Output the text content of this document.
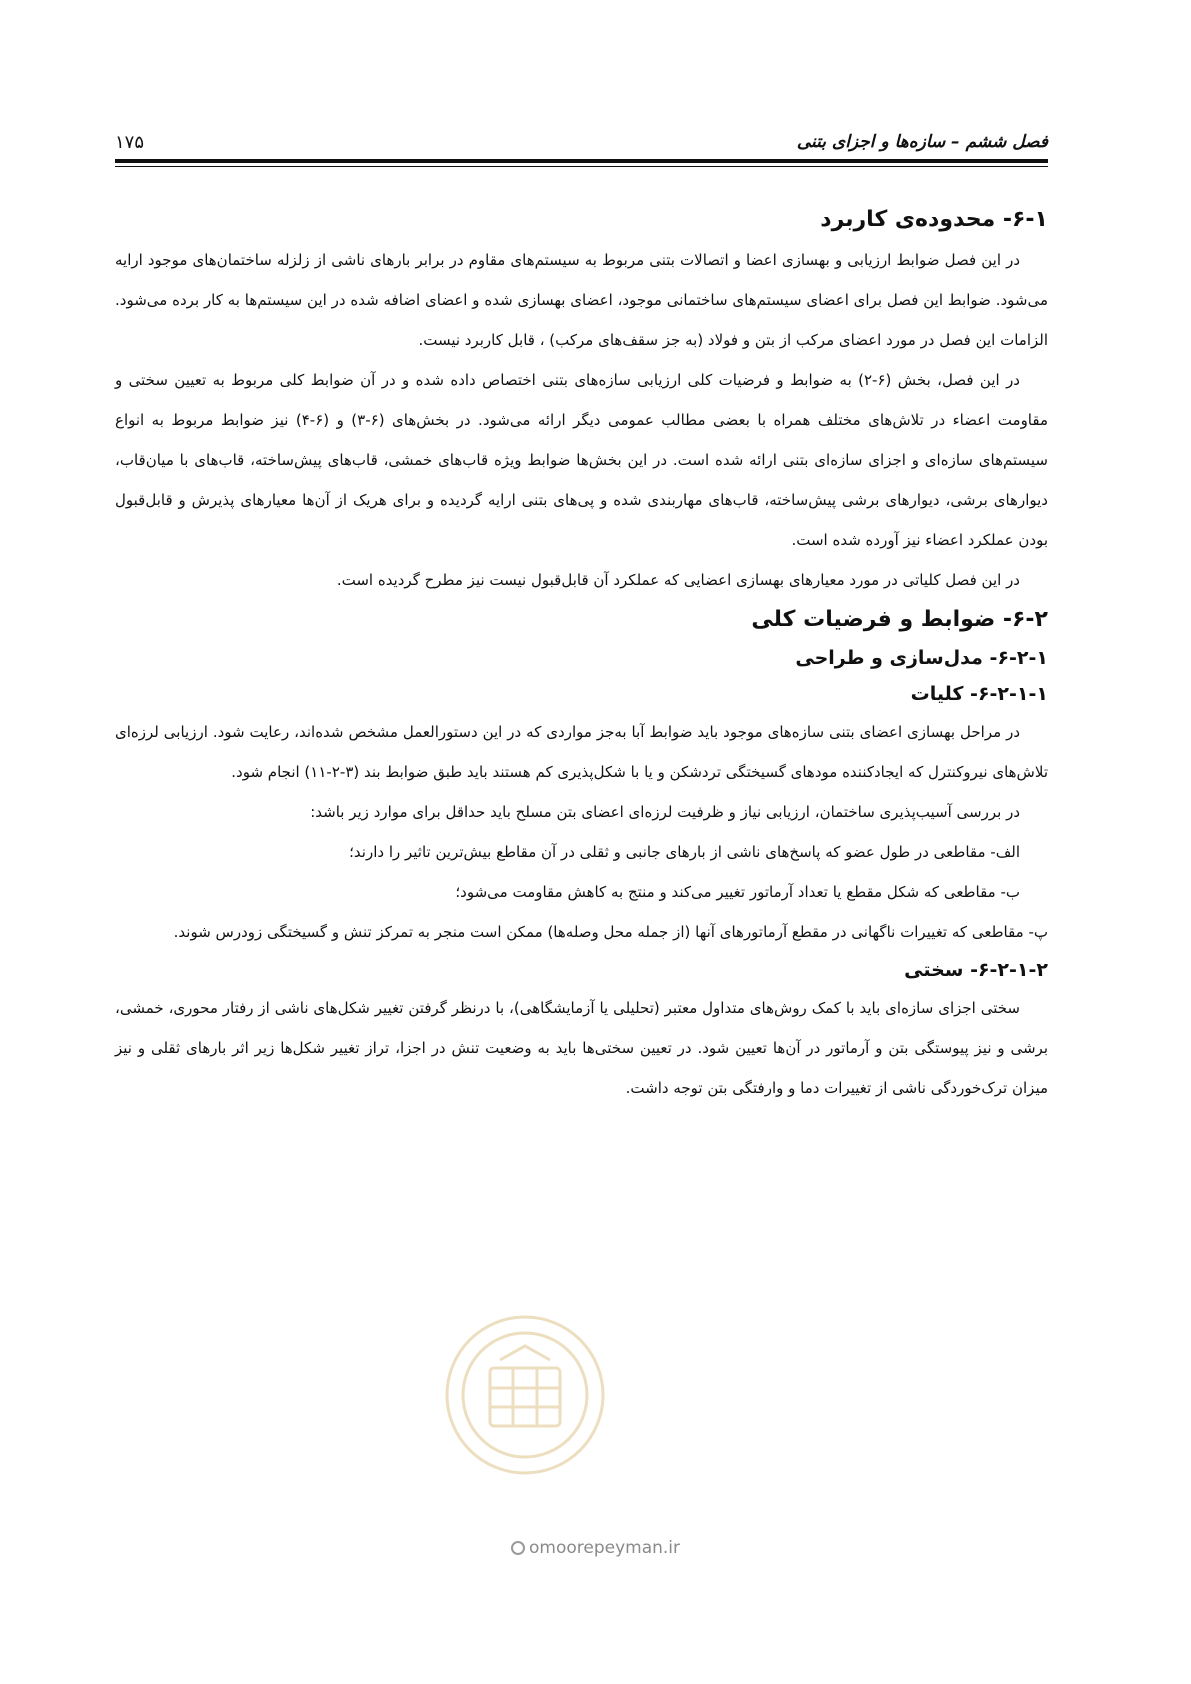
فصل ششم – سازه‌ها و اجزای بتنی
۱۷۵
۶-۱- محدوده‌ی کاربرد

در این فصل ضوابط ارزیابی و بهسازی اعضا و اتصالات بتنی مربوط به سیستم‌های مقاوم در برابر بارهای ناشی از زلزله ساختمان‌های موجود ارایه می‌شود. ضوابط این فصل برای اعضای سیستم‌های ساختمانی موجود، اعضای بهسازی شده و اعضای اضافه شده در این سیستم‌ها به کار برده می‌شود. الزامات این فصل در مورد اعضای مرکب از بتن و فولاد (به جز سقف‌های مرکب) ، قابل کاربرد نیست.

در این فصل، بخش (۶-۲) به ضوابط و فرضیات کلی ارزیابی سازه‌های بتنی اختصاص داده شده و در آن ضوابط کلی مربوط به تعیین سختی و مقاومت اعضاء در تلاش‌های مختلف همراه با بعضی مطالب عمومی دیگر ارائه می‌شود. در بخش‌های (۶-۳) و (۶-۴) نیز ضوابط مربوط به انواع سیستم‌های سازه‌ای و اجزای سازه‌ای بتنی ارائه شده است. در این بخش‌ها ضوابط ویژه قاب‌های خمشی، قاب‌های پیش‌ساخته، قاب‌های با میان‌قاب، دیوارهای برشی، دیوارهای برشی پیش‌ساخته، قاب‌های مهاربندی شده و پی‌های بتنی ارایه گردیده و برای هریک از آن‌ها معیارهای پذیرش و قابل‌قبول بودن عملکرد اعضاء نیز آورده شده است.

در این فصل کلیاتی در مورد معیارهای بهسازی اعضایی که عملکرد آن قابل‌قبول نیست نیز مطرح گردیده است.

۶-۲- ضوابط و فرضیات کلی
۶-۲-۱- مدل‌سازی و طراحی
۶-۲-۱-۱- کلیات

در مراحل بهسازی اعضای بتنی سازه‌های موجود باید ضوابط آبا به‌جز مواردی که در این دستورالعمل مشخص شده‌اند، رعایت شود. ارزیابی لرزه‌ای تلاش‌های نیروکنترل که ایجادکننده مودهای گسیختگی تردشکن و یا با شکل‌پذیری کم هستند باید طبق ضوابط بند (۳-۲-۱۱) انجام شود.

در بررسی آسیب‌پذیری ساختمان، ارزیابی نیاز و ظرفیت لرزه‌ای اعضای بتن مسلح باید حداقل برای موارد زیر باشد:

الف- مقاطعی در طول عضو که پاسخ‌های ناشی از بارهای جانبی و ثقلی در آن مقاطع بیش‌ترین تاثیر را دارند؛

ب- مقاطعی که شکل مقطع یا تعداد آرماتور تغییر می‌کند و منتج به کاهش مقاومت می‌شود؛

پ- مقاطعی که تغییرات ناگهانی در مقطع آرماتورهای آنها (از جمله محل وصله‌ها) ممکن است منجر به تمرکز تنش و گسیختگی زودرس شوند.

۶-۲-۱-۲- سختی

سختی اجزای سازه‌ای باید با کمک روش‌های متداول معتبر (تحلیلی یا آزمایشگاهی)، با درنظر گرفتن تغییر شکل‌های ناشی از رفتار محوری، خمشی، برشی و نیز پیوستگی بتن و آرماتور در آن‌ها تعیین شود. در تعیین سختی‌ها باید به وضعیت تنش در اجزا، تراز تغییر شکل‌ها زیر اثر بارهای ثقلی و نیز میزان ترک‌خوردگی ناشی از تغییرات دما و وارفتگی بتن توجه داشت.

omoorepeyman.ir
